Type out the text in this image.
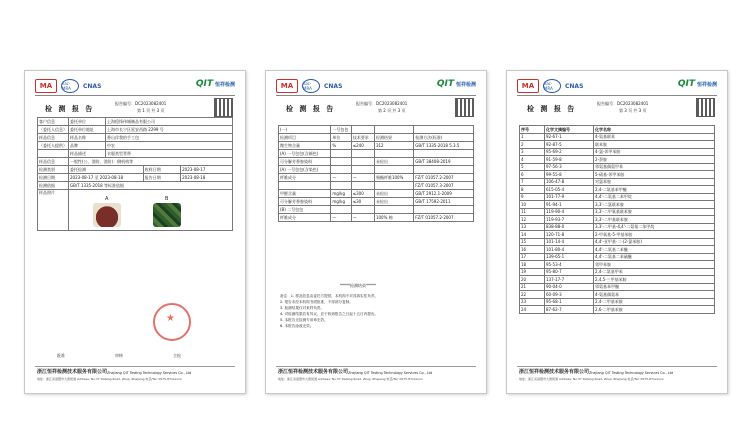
MA	ilac-MRA	CNAS	QIT 恒祥检测
检 测 报 告
报告编号：DC2023082401
第 1 页 共 3 页
客户信息	委托单位	上海稳锋伟城制品有限公司		
（委托人信息）	委托单位地址	上海市长宁区延安西路 2299 号		
样品信息	样品名称	香山伴我的手工包		
（委托人提供）	品牌	中农		
	样品描述	衣服类型背带		
样品信息	一般性(公、消防、消防)：侧机构等			
检测类别	委托检测		收样日期	2023-08-17
检测日期	2023-08-17 至 2023-08-18		报告日期	2023-08-18
检测依据	GB/T 1335-2018 等标准依据			
样品照片				
A	B
★
批准	审核	主检
浙江恒祥检测技术服务有限公司 Zhejiang QIT Testing Technology Services Co., Ltd
地址：浙江省诸暨市大唐街道 Address: No.37 Datang Road, Zhuji, Zhejiang 电话/Tel: 0575-87xxxxxx
MA	ilac-MRA	CNAS	QIT 恒祥检测
检 测 报 告
报告编号：DC2023082401
第 2 页 共 3 页
(一)	一号包包			
检测项目	单位	技术要求	检测结果	检测方法(标准)
微生物含量	%	≤240	312	GB/T 1335-2018 5.3.5
(A) 一号包包(含颜色)				
可分解芳香胺染料			未检出	GB/T 38408-2019
(A) 一号包包(含染色)				
纤维成分	—	—	聚酯纤维100%	FZ/T 01057.2-2007
				FZ/T 01057.3-2007
甲醛含量	mg/kg	≤300	未检出	GB/T 2912.1-2009
可分解芳香胺染料	mg/kg	≤30	未检出	GB/T 17592-2011
(B) 二号包包				
纤维成分	—	—	100% 棉	FZ/T 01057.2-2007
*****检测结束*****
备注：1. 样品信息由委托方提供，本机构不对其真实性负责。
2. 报告未经本机构书面批准，不得部分复制。
3. 检测结果仅对来样负责。
4. 对检测结果若有异议，应于收到报告之日起十五日内提出。
5. 本报告无检测专用章无效。
6. 本报告涂改无效。
浙江恒祥检测技术服务有限公司 Zhejiang QIT Testing Technology Services Co., Ltd
地址：浙江省诸暨市大唐街道 Address: No.37 Datang Road, Zhuji, Zhejiang 电话/Tel: 0575-87xxxxxx
MA	ilac-MRA	CNAS	QIT 恒祥检测
检 测 报 告
报告编号：DC2023082401
第 3 页 共 3 页
序号	化学文摘编号	化学名称
1	92-67-1	4-氨基联苯
2	92-87-5	联苯胺
3	95-69-2	4-氯-邻甲苯胺
4	91-59-8	2-萘胺
5	97-56-3	邻氨基偶氮甲苯
6	99-55-8	5-硝基-邻甲苯胺
7	106-47-8	对氯苯胺
8	615-05-4	2,4-二氨基苯甲醚
9	101-77-9	4,4'-二氨基二苯甲烷
10	91-94-1	3,3'-二氯联苯胺
11	119-90-4	3,3'-二甲氧基联苯胺
12	119-93-7	3,3'-二甲基联苯胺
13	838-88-0	3,3'-二甲基-4,4'-二氨基二苯甲烷
14	120-71-8	2-甲氧基-5-甲基苯胺
15	101-14-4	4,4'-亚甲基-二-(2-氯苯胺)
16	101-80-4	4,4'-二氨基二苯醚
17	139-65-1	4,4'-二氨基二苯硫醚
18	95-53-4	邻甲苯胺
19	95-80-7	2,4-二氨基甲苯
20	137-17-7	2,4,5-三甲基苯胺
21	90-04-0	邻氨基苯甲醚
22	60-09-3	4-氨基偶氮苯
23	95-68-1	2,4-二甲基苯胺
24	87-62-7	2,6-二甲基苯胺
浙江恒祥检测技术服务有限公司 Zhejiang QIT Testing Technology Services Co., Ltd
地址：浙江省诸暨市大唐街道 Address: No.37 Datang Road, Zhuji, Zhejiang 电话/Tel: 0575-87xxxxxx
